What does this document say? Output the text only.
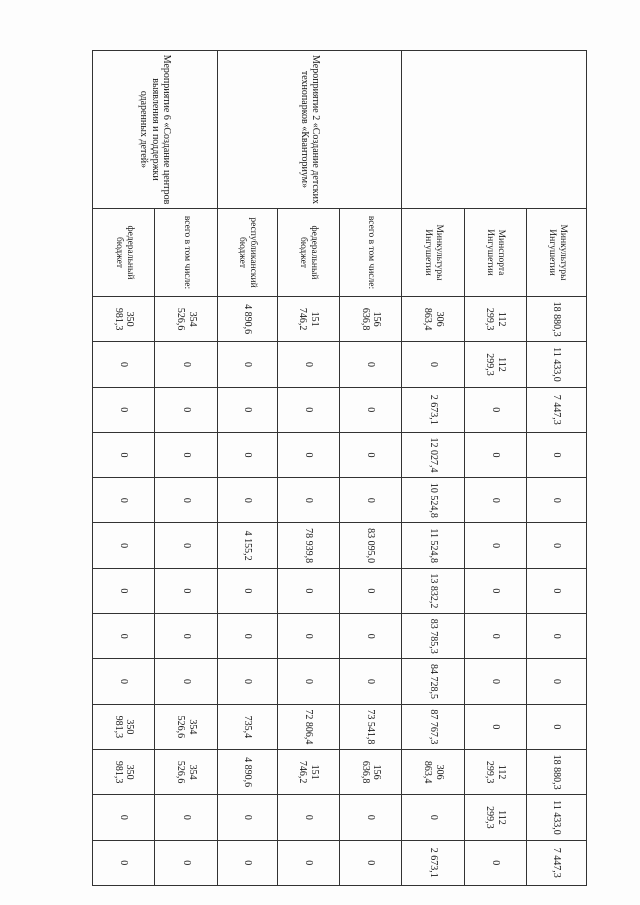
	Минкультуры Ингушетии	18 880,3	11 433,0	7 447,3	0	0	0	0	0	0	0	18 880,3	11 433,0	7 447,3
	Минспорта Ингушетии	112 299,3	112 299,3	0	0	0	0	0	0	0	0	112 299,3	112 299,3	0
	Минкультуры Ингушетии	306 863,4	0	2 673,1	12 027,4	10 524,8	11 524,8	13 832,2	83 785,3	84 728,5	87 767,3	306 863,4	0	2 673,1
Мероприятие 2 «Создание детских технопарков «Кванториум»	всего в том числе:	156 636,8	0	0	0	0	83 095,0	0	0	0	73 541,8	156 636,8	0	0
	федеральный бюджет	151 746,2	0	0	0	0	78 939,8	0	0	0	72 806,4	151 746,2	0	0
	республиканский бюджет	4 890,6	0	0	0	0	4 155,2	0	0	0	735,4	4 890,6	0	0
Мероприятие 6 «Создание центров выявления и поддержки одаренных детей»	всего в том числе:	354 526,6	0	0	0	0	0	0	0	0	354 526,6	354 526,6	0	0
	федеральный бюджет	350 981,3	0	0	0	0	0	0	0	0	350 981,3	350 981,3	0	0
